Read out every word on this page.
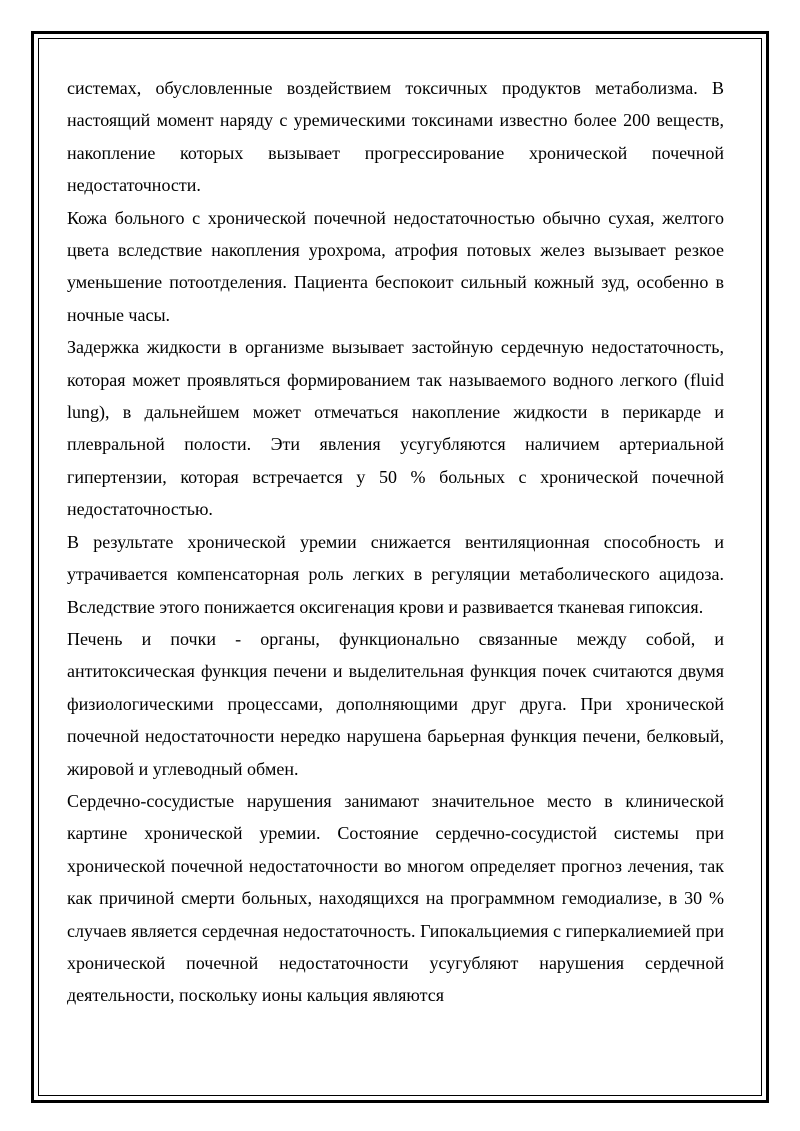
системах, обусловленные воздействием токсичных продуктов метаболизма. В настоящий момент наряду с уремическими токсинами известно более 200 веществ, накопление которых вызывает прогрессирование хронической почечной недостаточности.

Кожа больного с хронической почечной недостаточностью обычно сухая, желтого цвета вследствие накопления урохрома, атрофия потовых желез вызывает резкое уменьшение потоотделения. Пациента беспокоит сильный кожный зуд, особенно в ночные часы.

Задержка жидкости в организме вызывает застойную сердечную недостаточность, которая может проявляться формированием так называемого водного легкого (fluid lung), в дальнейшем может отмечаться накопление жидкости в перикарде и плевральной полости. Эти явления усугубляются наличием артериальной гипертензии, которая встречается у 50 % больных с хронической почечной недостаточностью.

В результате хронической уремии снижается вентиляционная способность и утрачивается компенсаторная роль легких в регуляции метаболического ацидоза. Вследствие этого понижается оксигенация крови и развивается тканевая гипоксия.

Печень и почки - органы, функционально связанные между собой, и антитоксическая функция печени и выделительная функция почек считаются двумя физиологическими процессами, дополняющими друг друга. При хронической почечной недостаточности нередко нарушена барьерная функция печени, белковый, жировой и углеводный обмен.

Сердечно-сосудистые нарушения занимают значительное место в клинической картине хронической уремии. Состояние сердечно-сосудистой системы при хронической почечной недостаточности во многом определяет прогноз лечения, так как причиной смерти больных, находящихся на программном гемодиализе, в 30 % случаев является сердечная недостаточность. Гипокальциемия с гиперкалиемией при хронической почечной недостаточности усугубляют нарушения сердечной деятельности, поскольку ионы кальция являются
